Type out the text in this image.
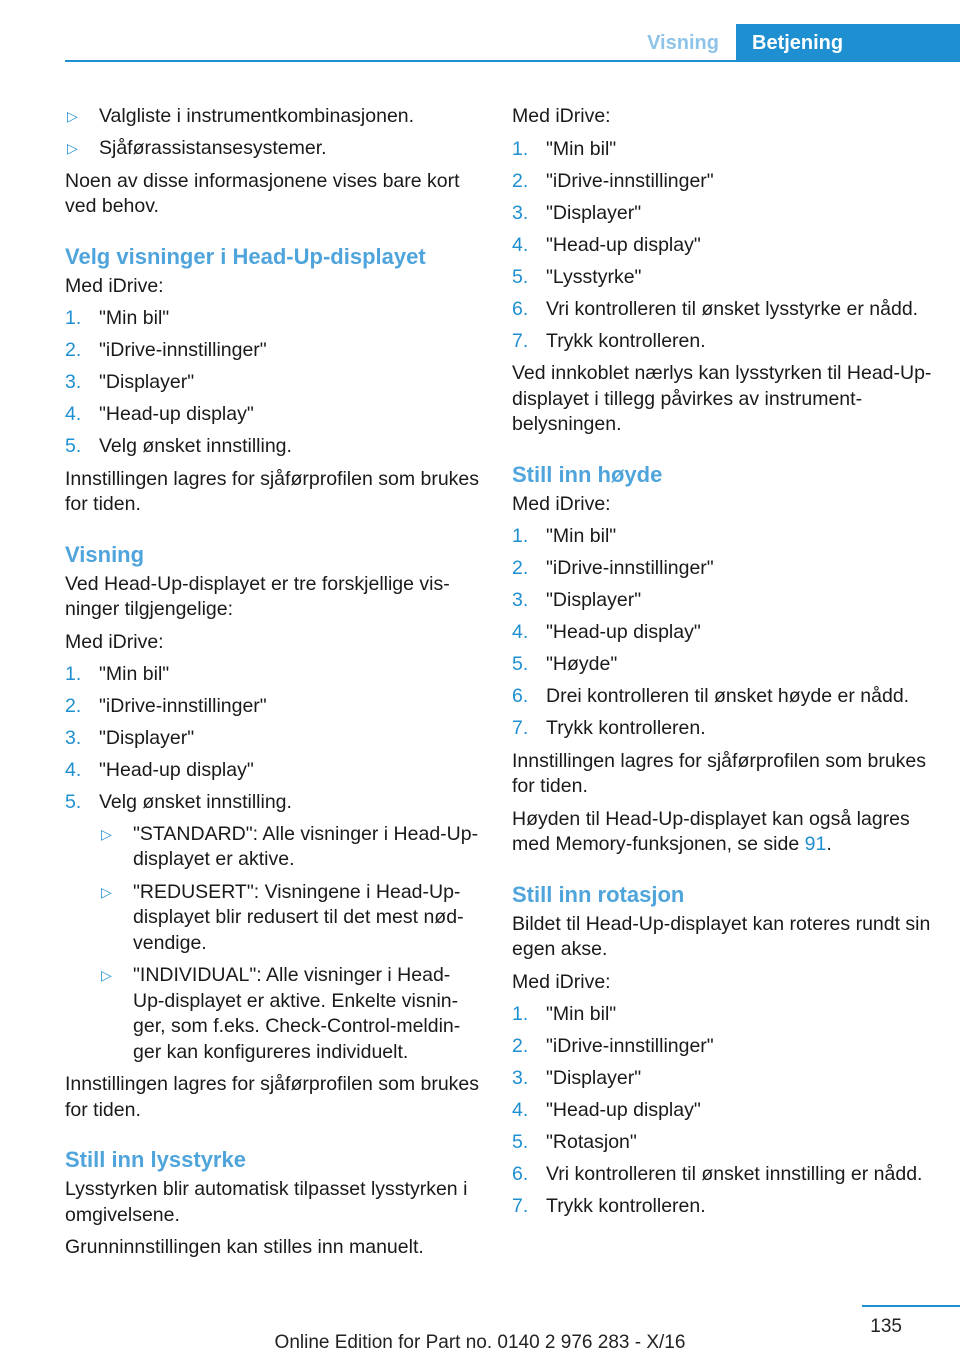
Visning	Betjening
▷ Valgliste i instrumentkombinasjonen.
▷ Sjåførassistansesystemer.

Noen av disse informasjonene vises bare kort ved behov.

Velg visninger i Head-Up-displayet

Med iDrive:

1. "Min bil"
2. "iDrive-innstillinger"
3. "Displayer"
4. "Head-up display"
5. Velg ønsket innstilling.

Innstillingen lagres for sjåførprofilen som brukes for tiden.

Visning

Ved Head-Up-displayet er tre forskjellige visninger tilgjengelige:

Med iDrive:

1. "Min bil"
2. "iDrive-innstillinger"
3. "Displayer"
4. "Head-up display"
5. Velg ønsket innstilling.
▷ "STANDARD": Alle visninger i Head-Up-displayet er aktive.
▷ "REDUSERT": Visningene i Head-Up-displayet blir redusert til det mest nødvendige.
▷ "INDIVIDUAL": Alle visninger i Head-Up-displayet er aktive. Enkelte visninger, som f.eks. Check-Control-meldinger kan konfigureres individuelt.

Innstillingen lagres for sjåførprofilen som brukes for tiden.

Still inn lysstyrke

Lysstyrken blir automatisk tilpasset lysstyrken i omgivelsene.

Grunninnstillingen kan stilles inn manuelt.

Med iDrive:

1. "Min bil"
2. "iDrive-innstillinger"
3. "Displayer"
4. "Head-up display"
5. "Lysstyrke"
6. Vri kontrolleren til ønsket lysstyrke er nådd.
7. Trykk kontrolleren.

Ved innkoblet nærlys kan lysstyrken til Head-Up-displayet i tillegg påvirkes av instrumentbelysningen.

Still inn høyde

Med iDrive:

1. "Min bil"
2. "iDrive-innstillinger"
3. "Displayer"
4. "Head-up display"
5. "Høyde"
6. Drei kontrolleren til ønsket høyde er nådd.
7. Trykk kontrolleren.

Innstillingen lagres for sjåførprofilen som brukes for tiden.

Høyden til Head-Up-displayet kan også lagres med Memory-funksjonen, se side 91.

Still inn rotasjon

Bildet til Head-Up-displayet kan roteres rundt sin egen akse.

Med iDrive:

1. "Min bil"
2. "iDrive-innstillinger"
3. "Displayer"
4. "Head-up display"
5. "Rotasjon"
6. Vri kontrolleren til ønsket innstilling er nådd.
7. Trykk kontrolleren.
135
Online Edition for Part no. 0140 2 976 283 - X/16
